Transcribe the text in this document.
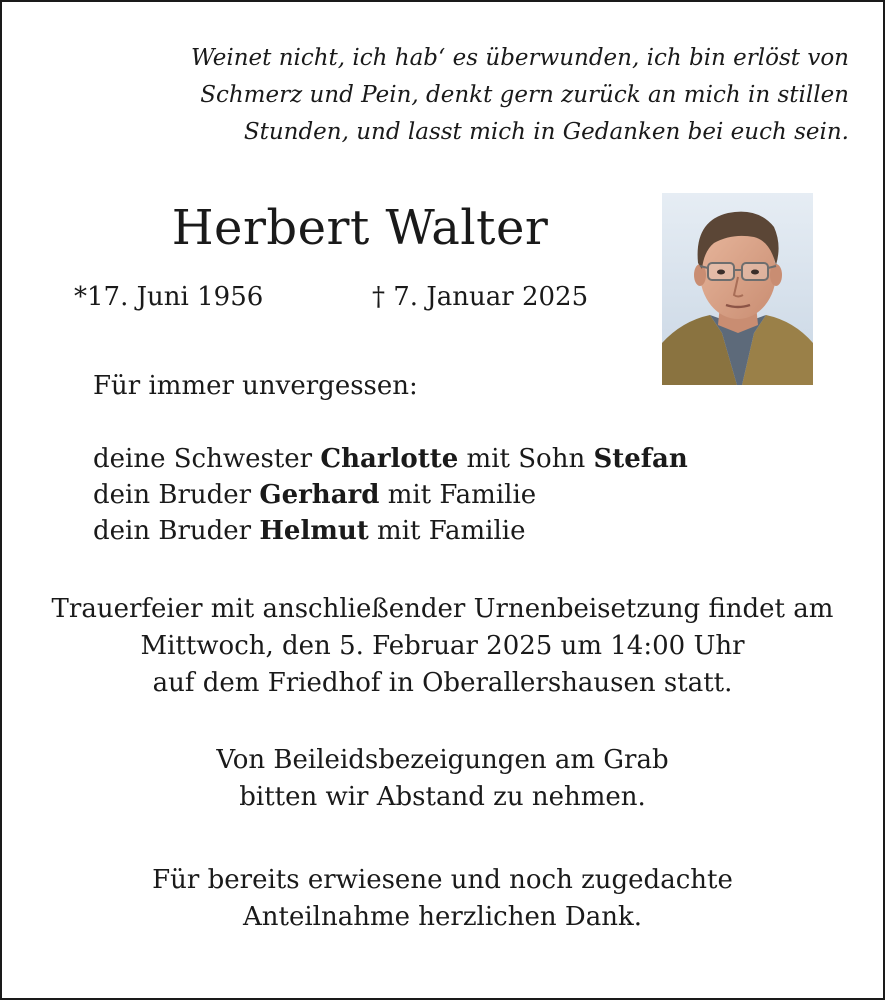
Weinet nicht, ich hab‘ es überwunden, ich bin erlöst von
Schmerz und Pein, denkt gern zurück an mich in stillen
Stunden, und lasst mich in Gedanken bei euch sein.
Herbert Walter
*17. Juni 1956	† 7. Januar 2025
Für immer unvergessen:
deine Schwester Charlotte mit Sohn Stefan
dein Bruder Gerhard mit Familie
dein Bruder Helmut mit Familie
Trauerfeier mit anschließender Urnenbeisetzung findet am
Mittwoch, den 5. Februar 2025 um 14:00 Uhr
auf dem Friedhof in Oberallershausen statt.
Von Beileidsbezeigungen am Grab
bitten wir Abstand zu nehmen.
Für bereits erwiesene und noch zugedachte
Anteilnahme herzlichen Dank.
